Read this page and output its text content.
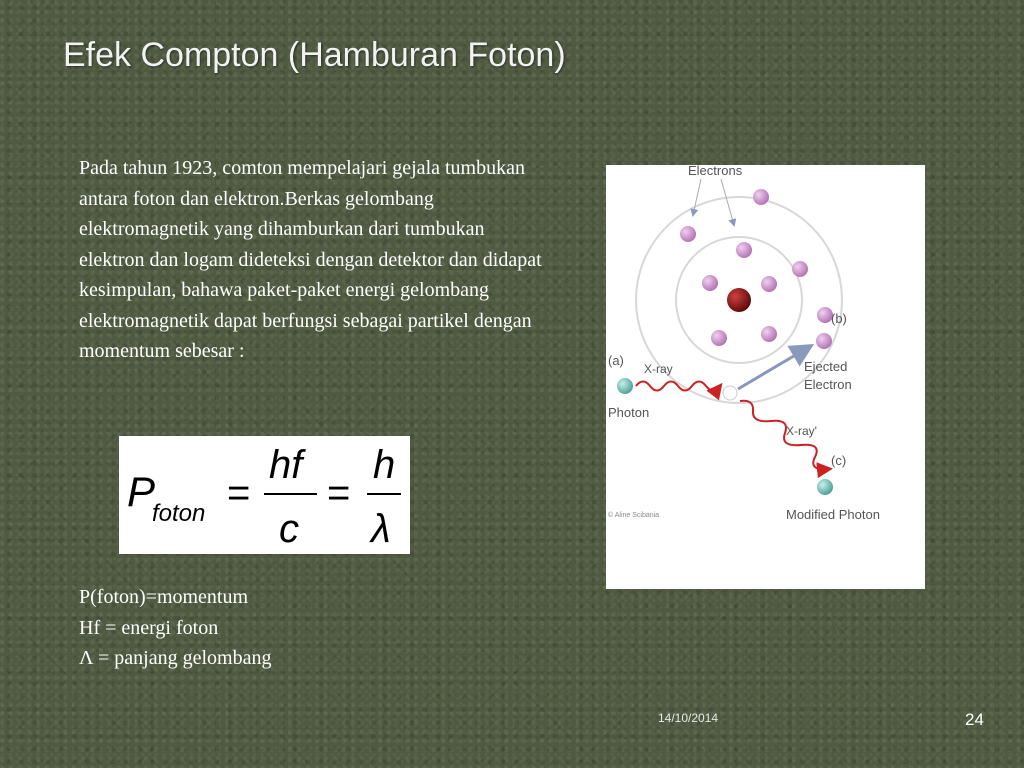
Efek Compton (Hamburan Foton)
Pada tahun 1923, comton mempelajari gejala tumbukan antara foton dan elektron.Berkas gelombang elektromagnetik yang dihamburkan dari tumbukan elektron dan logam dideteksi dengan detektor dan didapat kesimpulan, bahawa paket-paket energi gelombang elektromagnetik dapat berfungsi sebagai partikel dengan momentum sebesar :
P
foton =
hf
c
=
h
λ
P(foton)=momentum
Hf = energi foton
Λ = panjang gelombang
Electrons
(a)
Photon
X-ray
(b)
Ejected
Electron
X-ray'
(c)
Modified Photon
© Aline Scibania
14/10/2014	24
